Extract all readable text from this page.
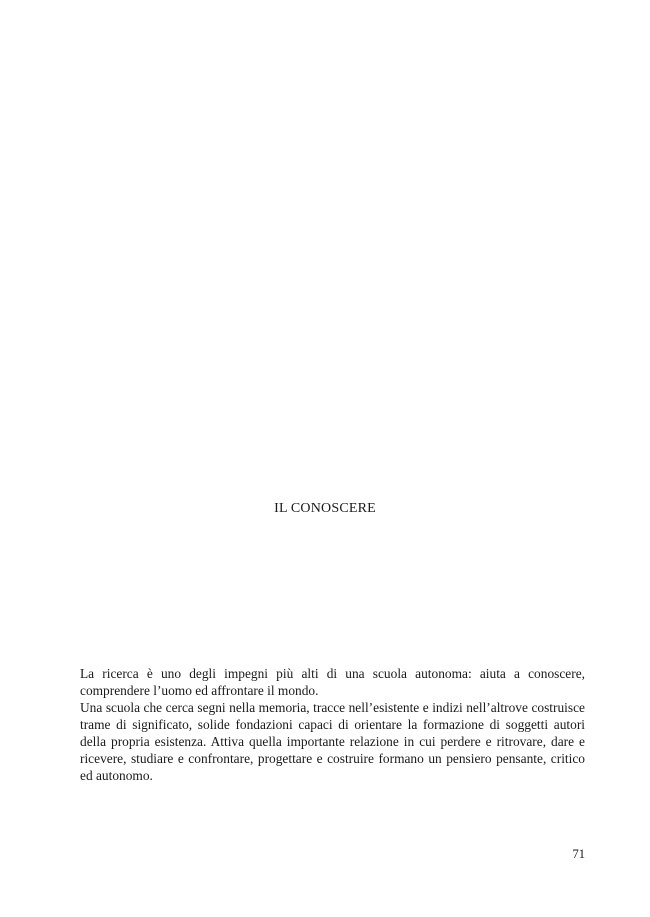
IL CONOSCERE

La ricerca è uno degli impegni più alti di una scuola autonoma: aiuta a conoscere, comprendere l’uomo ed affrontare il mondo.

Una scuola che cerca segni nella memoria, tracce nell’esistente e indizi nell’altrove costruisce trame di significato, solide fondazioni capaci di orientare la formazione di soggetti autori della propria esistenza. Attiva quella importante relazione in cui perdere e ritrovare, dare e ricevere, studiare e confrontare, progettare e costruire formano un pensiero pensante, critico ed autonomo.

71
